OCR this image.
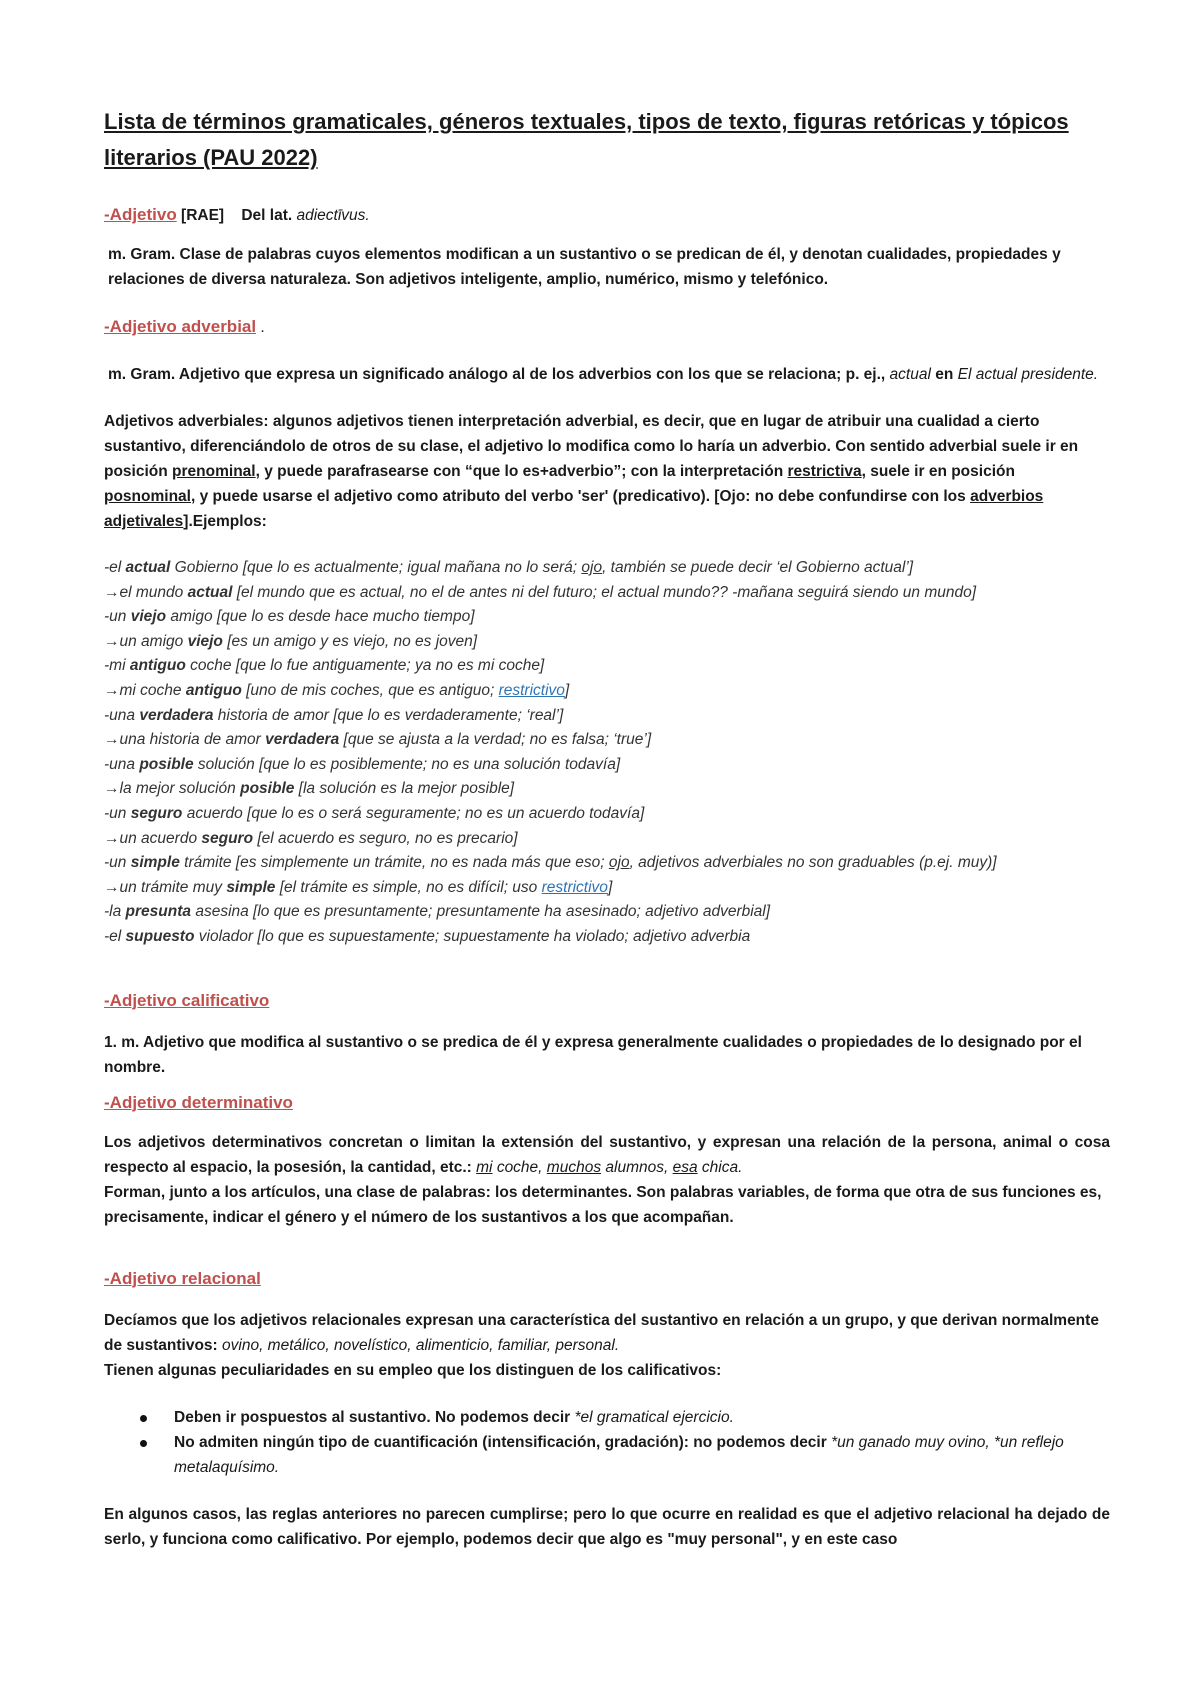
Lista de términos gramaticales, géneros textuales, tipos de texto, figuras retóricas y tópicos literarios (PAU 2022)
-Adjetivo [RAE] Del lat. adiectīvus.
m. Gram. Clase de palabras cuyos elementos modifican a un sustantivo o se predican de él, y denotan cualidades, propiedades y relaciones de diversa naturaleza. Son adjetivos inteligente, amplio, numérico, mismo y telefónico.
-Adjetivo adverbial .
m. Gram. Adjetivo que expresa un significado análogo al de los adverbios con los que se relaciona; p. ej., actual en El actual presidente.
Adjetivos adverbiales: algunos adjetivos tienen interpretación adverbial, es decir, que en lugar de atribuir una cualidad a cierto sustantivo, diferenciándolo de otros de su clase, el adjetivo lo modifica como lo haría un adverbio. Con sentido adverbial suele ir en posición prenominal, y puede parafrasearse con “que lo es+adverbio”; con la interpretación restrictiva, suele ir en posición posnominal, y puede usarse el adjetivo como atributo del verbo 'ser' (predicativo). [Ojo: no debe confundirse con los adverbios adjetivales].Ejemplos:
-el actual Gobierno [que lo es actualmente; igual mañana no lo será; ojo, también se puede decir ‘el Gobierno actual’]
→el mundo actual [el mundo que es actual, no el de antes ni del futuro; el actual mundo?? -mañana seguirá siendo un mundo]
-un viejo amigo [que lo es desde hace mucho tiempo]
→un amigo viejo [es un amigo y es viejo, no es joven]
-mi antiguo coche [que lo fue antiguamente; ya no es mi coche]
→mi coche antiguo [uno de mis coches, que es antiguo; restrictivo]
-una verdadera historia de amor [que lo es verdaderamente; ‘real’]
→una historia de amor verdadera [que se ajusta a la verdad; no es falsa; ‘true’]
-una posible solución [que lo es posiblemente; no es una solución todavía]
→la mejor solución posible [la solución es la mejor posible]
-un seguro acuerdo [que lo es o será seguramente; no es un acuerdo todavía]
→un acuerdo seguro [el acuerdo es seguro, no es precario]
-un simple trámite [es simplemente un trámite, no es nada más que eso; ojo, adjetivos adverbiales no son graduables (p.ej. muy)]
→un trámite muy simple [el trámite es simple, no es difícil; uso restrictivo]
-la presunta asesina [lo que es presuntamente; presuntamente ha asesinado; adjetivo adverbial]
-el supuesto violador [lo que es supuestamente; supuestamente ha violado; adjetivo adverbia
-Adjetivo calificativo
1. m. Adjetivo que modifica al sustantivo o se predica de él y expresa generalmente cualidades o propiedades de lo designado por el nombre.
-Adjetivo determinativo
Los adjetivos determinativos concretan o limitan la extensión del sustantivo, y expresan una relación de la persona, animal o cosa respecto al espacio, la posesión, la cantidad, etc.: mi coche, muchos alumnos, esa chica.
Forman, junto a los artículos, una clase de palabras: los determinantes. Son palabras variables, de forma que otra de sus funciones es, precisamente, indicar el género y el número de los sustantivos a los que acompañan.
-Adjetivo relacional
Decíamos que los adjetivos relacionales expresan una característica del sustantivo en relación a un grupo, y que derivan normalmente de sustantivos: ovino, metálico, novelístico, alimenticio, familiar, personal.
Tienen algunas peculiaridades en su empleo que los distinguen de los calificativos:
Deben ir pospuestos al sustantivo. No podemos decir *el gramatical ejercicio.
No admiten ningún tipo de cuantificación (intensificación, gradación): no podemos decir *un ganado muy ovino, *un reflejo metalaquísimo.
En algunos casos, las reglas anteriores no parecen cumplirse; pero lo que ocurre en realidad es que el adjetivo relacional ha dejado de serlo, y funciona como calificativo. Por ejemplo, podemos decir que algo es "muy personal", y en este caso
